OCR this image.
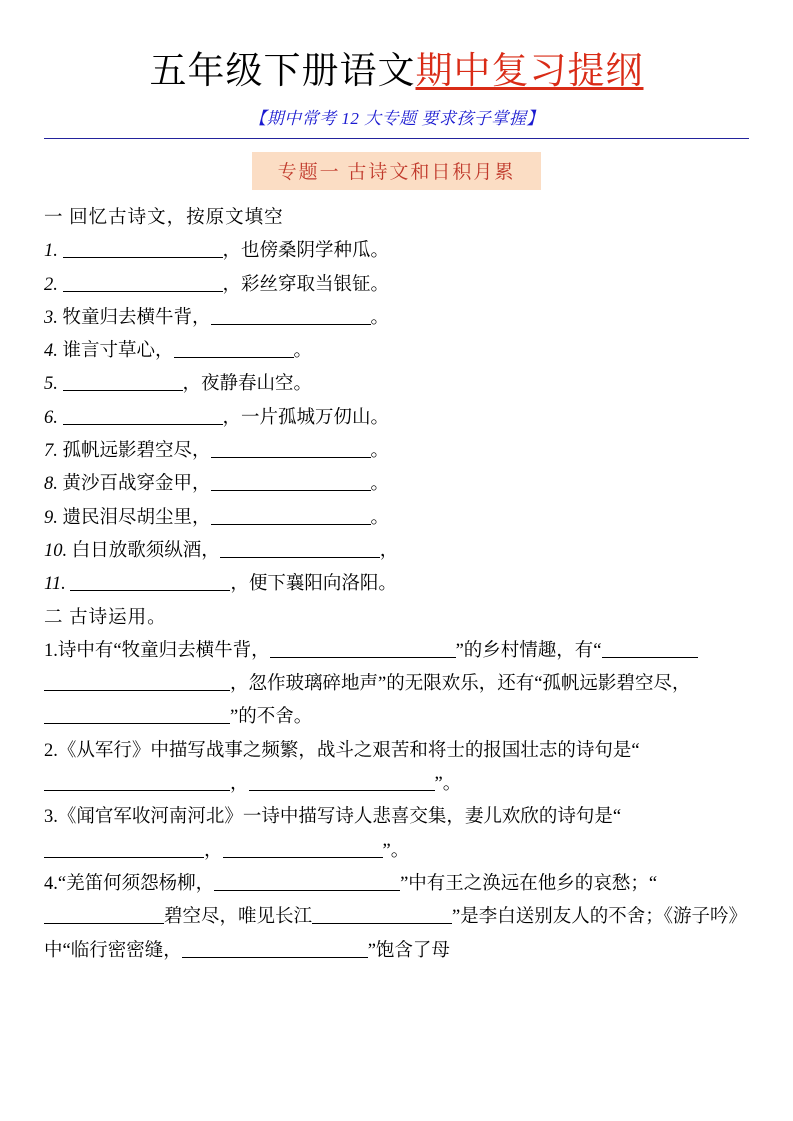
五年级下册语文期中复习提纲
【期中常考 12 大专题 要求孩子掌握】
专题一 古诗文和日积月累
一 回忆古诗文，按原文填空
1.	，也傍桑阴学种瓜。
2.	，彩丝穿取当银钲。
3. 牧童归去横牛背，	。
4. 谁言寸草心，	。
5.	，夜静春山空。
6.	，一片孤城万仞山。
7. 孤帆远影碧空尽，	。
8. 黄沙百战穿金甲，	。
9. 遗民泪尽胡尘里，	。
10. 白日放歌须纵酒，	，
11.	，便下襄阳向洛阳。
二 古诗运用。
1.诗中有“牧童归去横牛背，	”的乡村情趣，有“，忽作玻璃碎地声”的无限欢乐，还有“孤帆远影碧空尽，”的不舍。
2.《从军行》中描写战事之频繁，战斗之艰苦和将士的报国壮志的诗句是“，	”。
3.《闻官军收河南河北》一诗中描写诗人悲喜交集，妻儿欢欣的诗句是“，	”。
4.“羌笛何须怨杨柳，	”中有王之涣远在他乡的哀愁；“碧空尽，唯见长江	”是李白送别友人的不舍；《游子吟》中“临行密密缝，	”饱含了母
